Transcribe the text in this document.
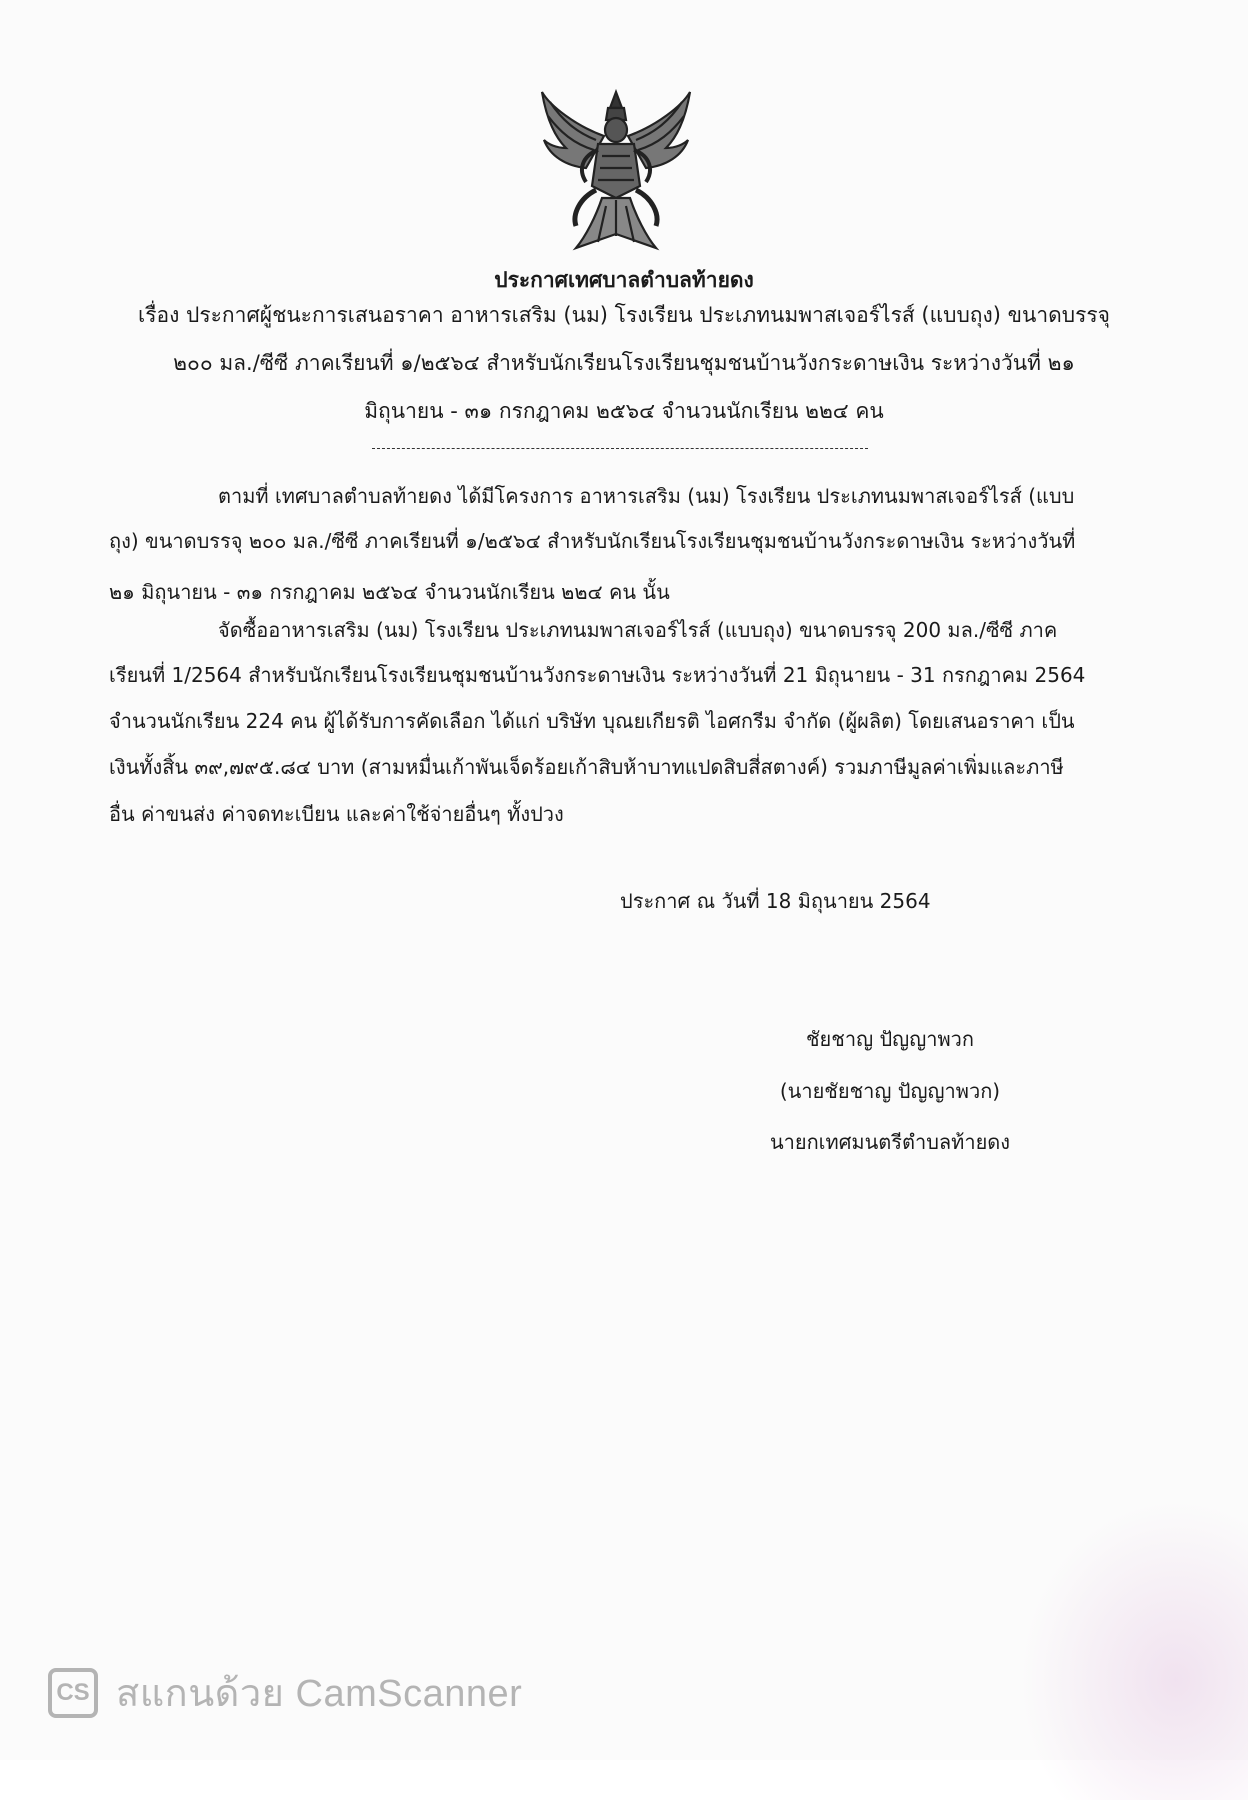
ประกาศเทศบาลตำบลท้ายดง
เรื่อง ประกาศผู้ชนะการเสนอราคา อาหารเสริม (นม) โรงเรียน ประเภทนมพาสเจอร์ไรส์ (แบบถุง) ขนาดบรรจุ
๒๐๐ มล./ซีซี ภาคเรียนที่ ๑/๒๕๖๔ สำหรับนักเรียนโรงเรียนชุมชนบ้านวังกระดาษเงิน ระหว่างวันที่ ๒๑
มิถุนายน - ๓๑ กรกฎาคม ๒๕๖๔ จำนวนนักเรียน ๒๒๔ คน
ตามที่ เทศบาลตำบลท้ายดง ได้มีโครงการ อาหารเสริม (นม) โรงเรียน ประเภทนมพาสเจอร์ไรส์ (แบบ
ถุง) ขนาดบรรจุ ๒๐๐ มล./ซีซี ภาคเรียนที่ ๑/๒๕๖๔ สำหรับนักเรียนโรงเรียนชุมชนบ้านวังกระดาษเงิน ระหว่างวันที่
๒๑ มิถุนายน - ๓๑ กรกฎาคม ๒๕๖๔ จำนวนนักเรียน ๒๒๔ คน นั้น
จัดซื้ออาหารเสริม (นม) โรงเรียน ประเภทนมพาสเจอร์ไรส์ (แบบถุง) ขนาดบรรจุ 200 มล./ซีซี ภาค
เรียนที่ 1/2564 สำหรับนักเรียนโรงเรียนชุมชนบ้านวังกระดาษเงิน ระหว่างวันที่ 21 มิถุนายน - 31 กรกฎาคม 2564
จำนวนนักเรียน 224 คน ผู้ได้รับการคัดเลือก ได้แก่ บริษัท บุณยเกียรติ ไอศกรีม จำกัด (ผู้ผลิต) โดยเสนอราคา เป็น
เงินทั้งสิ้น ๓๙,๗๙๕.๘๔ บาท (สามหมื่นเก้าพันเจ็ดร้อยเก้าสิบห้าบาทแปดสิบสี่สตางค์) รวมภาษีมูลค่าเพิ่มและภาษี
อื่น ค่าขนส่ง ค่าจดทะเบียน และค่าใช้จ่ายอื่นๆ ทั้งปวง
ประกาศ ณ วันที่ 18 มิถุนายน 2564
ชัยชาญ ปัญญาพวก
(นายชัยชาญ ปัญญาพวก)
นายกเทศมนตรีตำบลท้ายดง
CS สแกนด้วย CamScanner
